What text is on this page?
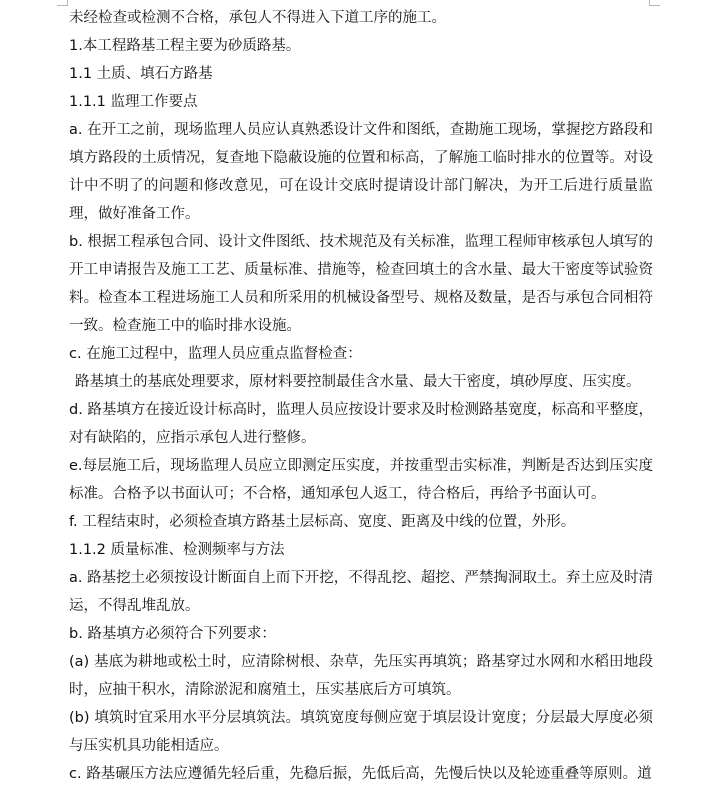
未经检查或检测不合格，承包人不得进入下道工序的施工。

1.本工程路基工程主要为砂质路基。

1.1 土质、填石方路基

1.1.1 监理工作要点

a. 在开工之前，现场监理人员应认真熟悉设计文件和图纸，查勘施工现场，掌握挖方路段和填方路段的土质情况，复查地下隐蔽设施的位置和标高，了解施工临时排水的位置等。对设计中不明了的问题和修改意见，可在设计交底时提请设计部门解决，为开工后进行质量监理，做好准备工作。

b. 根据工程承包合同、设计文件图纸、技术规范及有关标准，监理工程师审核承包人填写的开工申请报告及施工工艺、质量标准、措施等，检查回填土的含水量、最大干密度等试验资料。检查本工程进场施工人员和所采用的机械设备型号、规格及数量，是否与承包合同相符一致。检查施工中的临时排水设施。

c. 在施工过程中，监理人员应重点监督检查：

路基填土的基底处理要求，原材料要控制最佳含水量、最大干密度，填砂厚度、压实度。

d. 路基填方在接近设计标高时，监理人员应按设计要求及时检测路基宽度，标高和平整度，对有缺陷的，应指示承包人进行整修。

e.每层施工后，现场监理人员应立即测定压实度，并按重型击实标准，判断是否达到压实度标准。合格予以书面认可；不合格，通知承包人返工，待合格后，再给予书面认可。

f. 工程结束时，必须检查填方路基土层标高、宽度、距离及中线的位置，外形。

1.1.2 质量标准、检测频率与方法

a. 路基挖土必须按设计断面自上而下开挖，不得乱挖、超挖、严禁掏洞取土。弃土应及时清运，不得乱堆乱放。

b. 路基填方必须符合下列要求：

(a) 基底为耕地或松土时，应清除树根、杂草，先压实再填筑；路基穿过水网和水稻田地段时，应抽干积水，清除淤泥和腐殖土，压实基底后方可填筑。

(b) 填筑时宜采用水平分层填筑法。填筑宽度每侧应宽于填层设计宽度；分层最大厚度必须与压实机具功能相适应。

c. 路基碾压方法应遵循先轻后重，先稳后振，先低后高，先慢后快以及轮迹重叠等原则。道
